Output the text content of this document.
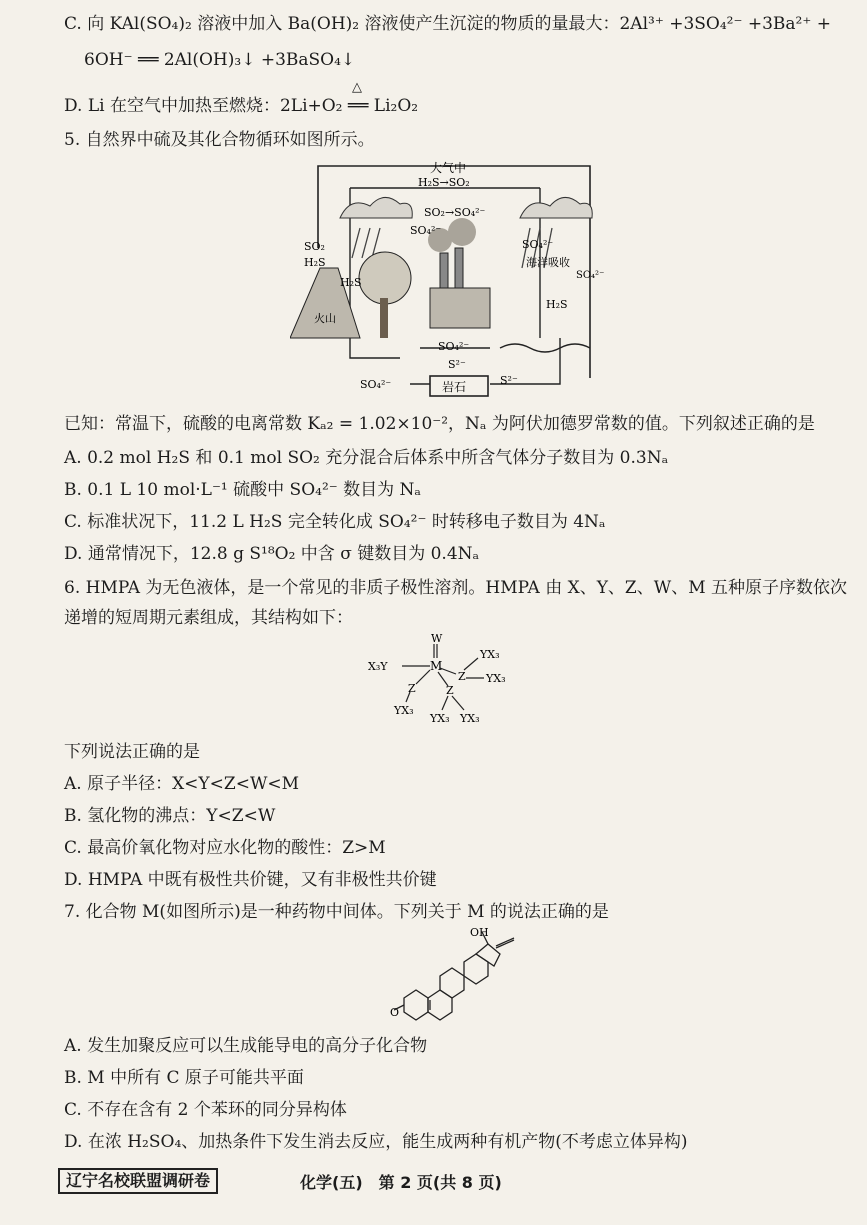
C. 向 KAl(SO₄)₂ 溶液中加入 Ba(OH)₂ 溶液使产生沉淀的物质的量最大：2Al³⁺ +3SO₄²⁻ +3Ba²⁺ +
6OH⁻ ══ 2Al(OH)₃↓ +3BaSO₄↓
D. Li 在空气中加热至燃烧：2Li+O₂ ══ Li₂O₂
△
5. 自然界中硫及其化合物循环如图所示。
大气中
H₂S→SO₂
SO₂→SO₄²⁻
SO₄²⁻
SO₂
H₂S
H₂S
火山
SO₄²⁻
海洋吸收
H₂S
SO₄²⁻
SO₄²⁻
S²⁻
岩石	S²⁻
SO₄²⁻
已知：常温下，硫酸的电离常数 Kₐ₂ = 1.02×10⁻²，Nₐ 为阿伏加德罗常数的值。下列叙述正确的是
A. 0.2 mol H₂S 和 0.1 mol SO₂ 充分混合后体系中所含气体分子数目为 0.3Nₐ
B. 0.1 L 10 mol·L⁻¹ 硫酸中 SO₄²⁻ 数目为 Nₐ
C. 标准状况下，11.2 L H₂S 完全转化成 SO₄²⁻ 时转移电子数目为 4Nₐ
D. 通常情况下，12.8 g S¹⁸O₂ 中含 σ 键数目为 0.4Nₐ
6. HMPA 为无色液体，是一个常见的非质子极性溶剂。HMPA 由 X、Y、Z、W、M 五种原子序数依次
递增的短周期元素组成，其结构如下：
W
M
X₃Y
YX₃
YX₃
Z
Z	Z
YX₃
YX₃ YX₃
下列说法正确的是
A. 原子半径：X<Y<Z<W<M
B. 氢化物的沸点：Y<Z<W
C. 最高价氧化物对应水化物的酸性：Z>M
D. HMPA 中既有极性共价键，又有非极性共价键
7. 化合物 M(如图所示)是一种药物中间体。下列关于 M 的说法正确的是
OH
O
A. 发生加聚反应可以生成能导电的高分子化合物
B. M 中所有 C 原子可能共平面
C. 不存在含有 2 个苯环的同分异构体
D. 在浓 H₂SO₄、加热条件下发生消去反应，能生成两种有机产物(不考虑立体异构)
辽宁名校联盟调研卷	化学(五)　第 2 页(共 8 页)
